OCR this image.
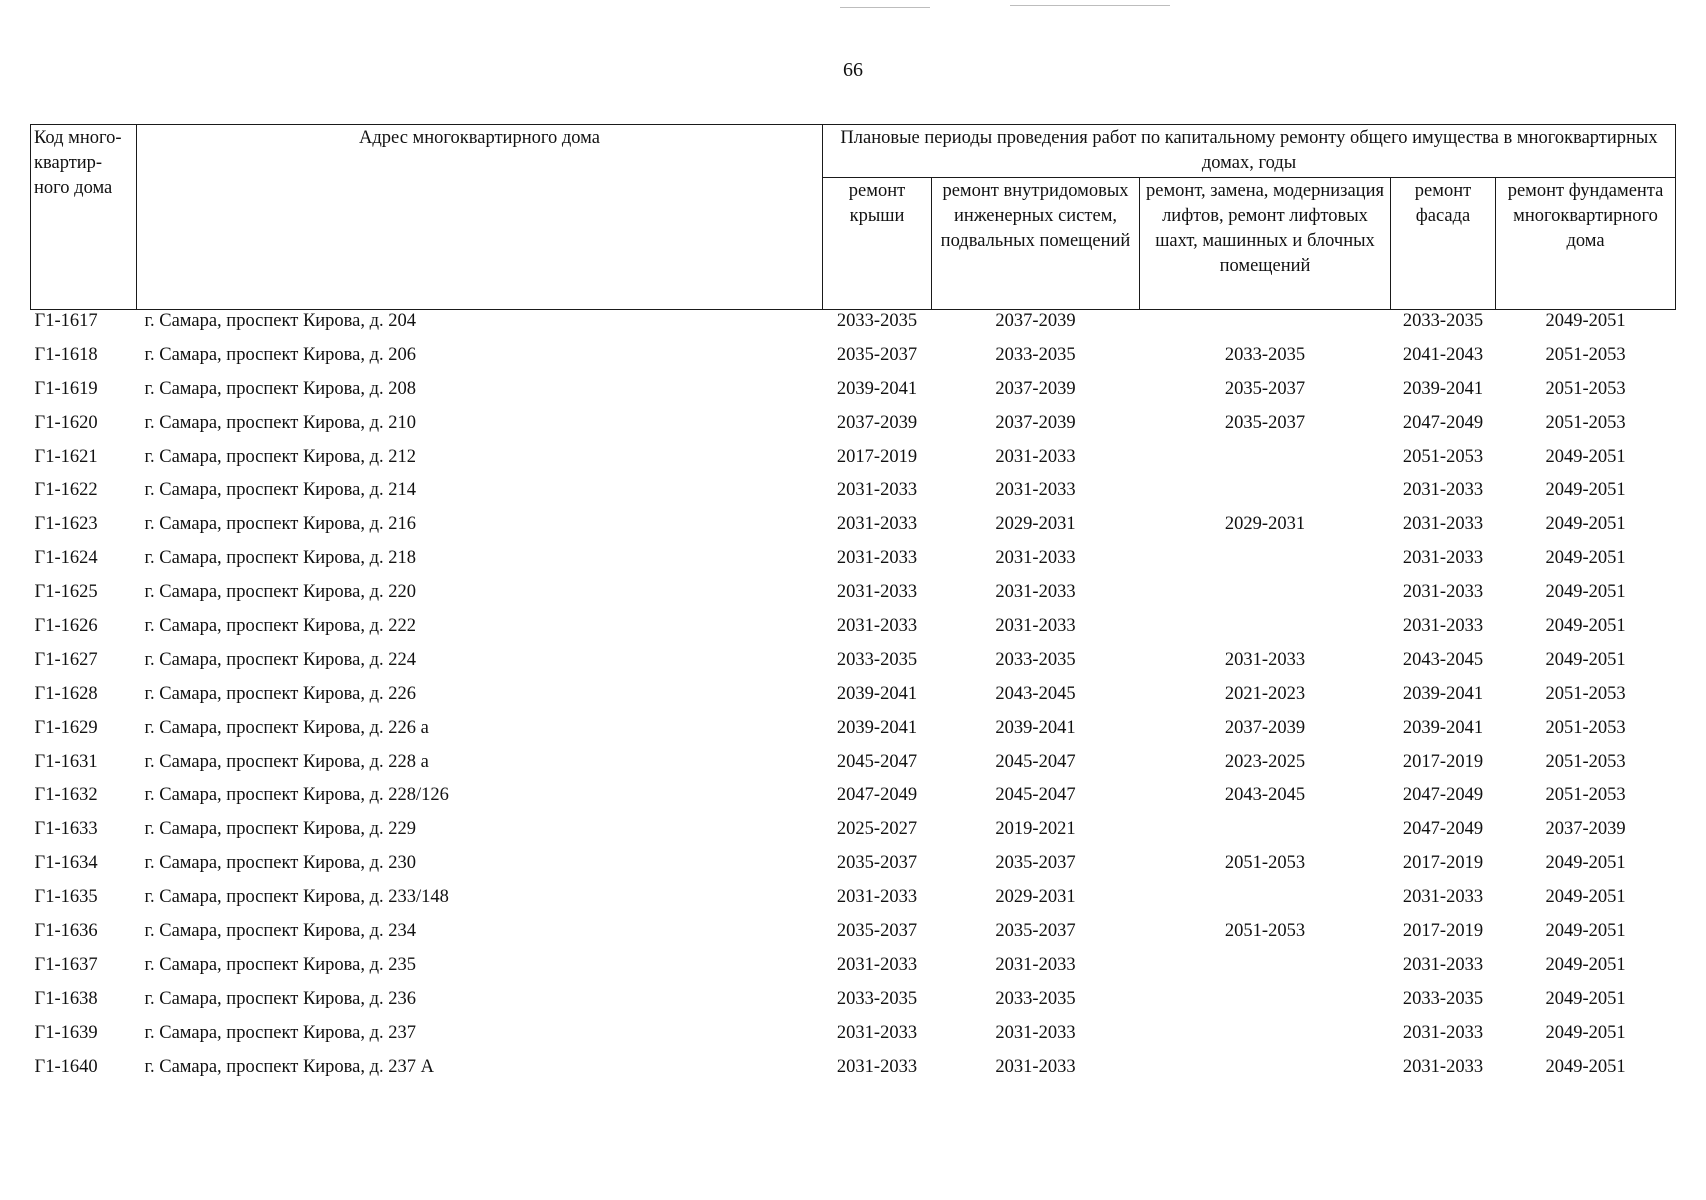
66
Код много-квартир-ного дома	Адрес многоквартирного дома	Плановые периоды проведения работ по капитальному ремонту общего имущества в многоквартирных домах, годы				
		ремонт крыши	ремонт внутридомовых инженерных систем, подвальных помещений	ремонт, замена, модернизация лифтов, ремонт лифтовых шахт, машинных и блочных помещений	ремонт фасада	ремонт фундамента многоквартирного дома
Г1-1617	г. Самара, проспект Кирова, д. 204	2033-2035	2037-2039		2033-2035	2049-2051
Г1-1618	г. Самара, проспект Кирова, д. 206	2035-2037	2033-2035	2033-2035	2041-2043	2051-2053
Г1-1619	г. Самара, проспект Кирова, д. 208	2039-2041	2037-2039	2035-2037	2039-2041	2051-2053
Г1-1620	г. Самара, проспект Кирова, д. 210	2037-2039	2037-2039	2035-2037	2047-2049	2051-2053
Г1-1621	г. Самара, проспект Кирова, д. 212	2017-2019	2031-2033		2051-2053	2049-2051
Г1-1622	г. Самара, проспект Кирова, д. 214	2031-2033	2031-2033		2031-2033	2049-2051
Г1-1623	г. Самара, проспект Кирова, д. 216	2031-2033	2029-2031	2029-2031	2031-2033	2049-2051
Г1-1624	г. Самара, проспект Кирова, д. 218	2031-2033	2031-2033		2031-2033	2049-2051
Г1-1625	г. Самара, проспект Кирова, д. 220	2031-2033	2031-2033		2031-2033	2049-2051
Г1-1626	г. Самара, проспект Кирова, д. 222	2031-2033	2031-2033		2031-2033	2049-2051
Г1-1627	г. Самара, проспект Кирова, д. 224	2033-2035	2033-2035	2031-2033	2043-2045	2049-2051
Г1-1628	г. Самара, проспект Кирова, д. 226	2039-2041	2043-2045	2021-2023	2039-2041	2051-2053
Г1-1629	г. Самара, проспект Кирова, д. 226 а	2039-2041	2039-2041	2037-2039	2039-2041	2051-2053
Г1-1631	г. Самара, проспект Кирова, д. 228 а	2045-2047	2045-2047	2023-2025	2017-2019	2051-2053
Г1-1632	г. Самара, проспект Кирова, д. 228/126	2047-2049	2045-2047	2043-2045	2047-2049	2051-2053
Г1-1633	г. Самара, проспект Кирова, д. 229	2025-2027	2019-2021		2047-2049	2037-2039
Г1-1634	г. Самара, проспект Кирова, д. 230	2035-2037	2035-2037	2051-2053	2017-2019	2049-2051
Г1-1635	г. Самара, проспект Кирова, д. 233/148	2031-2033	2029-2031		2031-2033	2049-2051
Г1-1636	г. Самара, проспект Кирова, д. 234	2035-2037	2035-2037	2051-2053	2017-2019	2049-2051
Г1-1637	г. Самара, проспект Кирова, д. 235	2031-2033	2031-2033		2031-2033	2049-2051
Г1-1638	г. Самара, проспект Кирова, д. 236	2033-2035	2033-2035		2033-2035	2049-2051
Г1-1639	г. Самара, проспект Кирова, д. 237	2031-2033	2031-2033		2031-2033	2049-2051
Г1-1640	г. Самара, проспект Кирова, д. 237 А	2031-2033	2031-2033		2031-2033	2049-2051
